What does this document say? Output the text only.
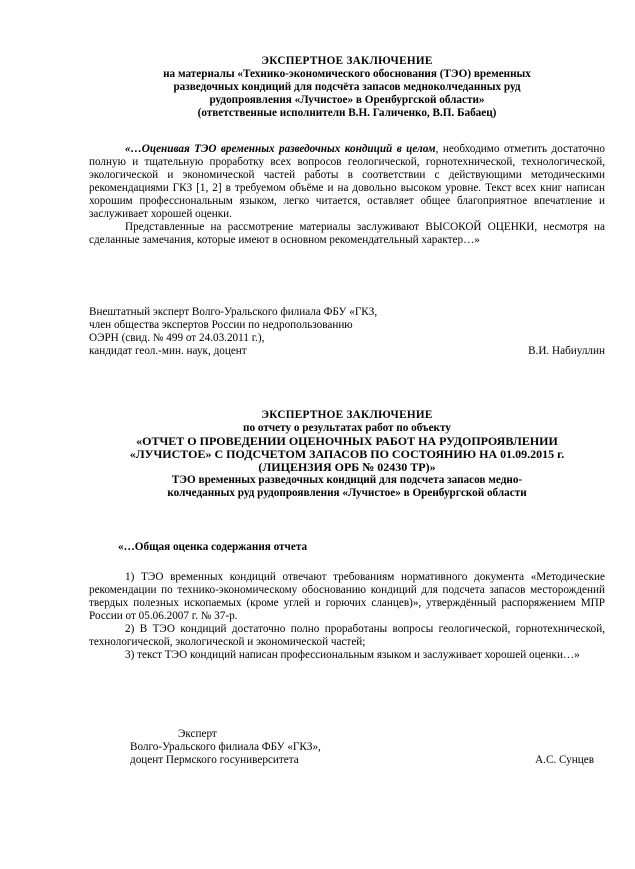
ЭКСПЕРТНОЕ ЗАКЛЮЧЕНИЕ

на материалы «Технико-экономического обоснования (ТЭО) временных

разведочных кондиций для подсчёта запасов медноколчеданных руд

рудопроявления «Лучистое» в Оренбургской области»

(ответственные исполнители В.Н. Галиченко, В.П. Бабаец)

«…Оценивая ТЭО временных разведочных кондиций в целом, необходимо отметить достаточно полную и тщательную проработку всех вопросов геологической, горнотехнической, технологической, экологической и экономической частей работы в соответствии с действующими методическими рекомендациями ГКЗ [1, 2] в требуемом объёме и на довольно высоком уровне. Текст всех книг написан хорошим профессиональным языком, легко читается, оставляет общее благоприятное впечатление и заслуживает хорошей оценки.

Представленные на рассмотрение материалы заслуживают ВЫСОКОЙ ОЦЕНКИ, несмотря на сделанные замечания, которые имеют в основном рекомендательный характер…»

Внештатный эксперт Волго-Уральского филиала ФБУ «ГКЗ,

член общества экспертов России по недропользованию

ОЭРН (свид. № 499 от 24.03.2011 г.),

кандидат геол.-мин. наук, доцент	В.И. Набиуллин

ЭКСПЕРТНОЕ ЗАКЛЮЧЕНИЕ

по отчету о результатах работ по объекту

«ОТЧЕТ О ПРОВЕДЕНИИ ОЦЕНОЧНЫХ РАБОТ НА РУДОПРОЯВЛЕНИИ

«ЛУЧИСТОЕ» С ПОДСЧЕТОМ ЗАПАСОВ ПО СОСТОЯНИЮ НА 01.09.2015 г.

(ЛИЦЕНЗИЯ ОРБ № 02430 ТР)»

ТЭО временных разведочных кондиций для подсчета запасов медно-

колчеданных руд рудопроявления «Лучистое» в Оренбургской области

«…Общая оценка содержания отчета

1) ТЭО временных кондиций отвечают требованиям нормативного документа «Методические рекомендации по технико-экономическому обоснованию кондиций для подсчета запасов месторождений твердых полезных ископаемых (кроме углей и горючих сланцев)», утверждённый распоряжением МПР России от 05.06.2007 г. № 37-р.

2) В ТЭО кондиций достаточно полно проработаны вопросы геологической, горнотехнической, технологической, экологической и экономической частей;

3) текст ТЭО кондиций написан профессиональным языком и заслуживает хорошей оценки…»

Эксперт

Волго-Уральского филиала ФБУ «ГКЗ»,

доцент Пермского госуниверситета	А.С. Сунцев
